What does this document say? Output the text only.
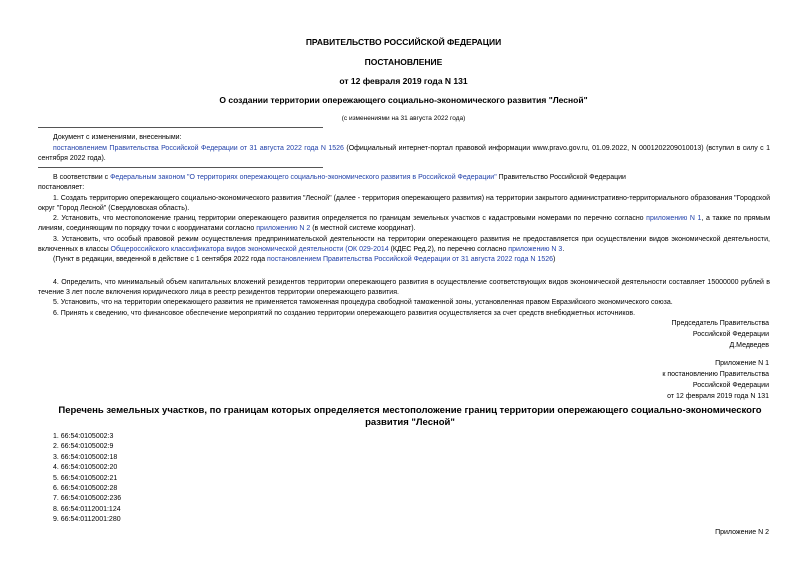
ПРАВИТЕЛЬСТВО РОССИЙСКОЙ ФЕДЕРАЦИИ
ПОСТАНОВЛЕНИЕ
от 12 февраля 2019 года N 131
О создании территории опережающего социально-экономического развития "Лесной"
(с изменениями на 31 августа 2022 года)
Документ с изменениями, внесенными:
постановлением Правительства Российской Федерации от 31 августа 2022 года N 1526 (Официальный интернет-портал правовой информации www.pravo.gov.ru, 01.09.2022, N 0001202209010013) (вступил в силу с 1 сентября 2022 года).
В соответствии с Федеральным законом "О территориях опережающего социально-экономического развития в Российской Федерации" Правительство Российской Федерации
постановляет:
1. Создать территорию опережающего социально-экономического развития "Лесной" (далее - территория опережающего развития) на территории закрытого административно-территориального образования "Городской округ "Город Лесной" (Свердловская область).
2. Установить, что местоположение границ территории опережающего развития определяется по границам земельных участков с кадастровыми номерами по перечню согласно приложению N 1, а также по прямым линиям, соединяющим по порядку точки с координатами согласно приложению N 2 (в местной системе координат).
3. Установить, что особый правовой режим осуществления предпринимательской деятельности на территории опережающего развития не предоставляется при осуществлении видов экономической деятельности, включенных в классы Общероссийского классификатора видов экономической деятельности (ОК 029-2014 (КДЕС Ред.2), по перечню согласно приложению N 3.
(Пункт в редакции, введенной в действие с 1 сентября 2022 года постановлением Правительства Российской Федерации от 31 августа 2022 года N 1526)
4. Определить, что минимальный объем капитальных вложений резидентов территории опережающего развития в осуществление соответствующих видов экономической деятельности составляет 15000000 рублей в течение 3 лет после включения юридического лица в реестр резидентов территории опережающего развития.
5. Установить, что на территории опережающего развития не применяется таможенная процедура свободной таможенной зоны, установленная правом Евразийского экономического союза.
6. Принять к сведению, что финансовое обеспечение мероприятий по созданию территории опережающего развития осуществляется за счет средств внебюджетных источников.
Председатель Правительства
Российской Федерации
Д.Медведев
Приложение N 1
к постановлению Правительства
Российской Федерации
от 12 февраля 2019 года N 131
Перечень земельных участков, по границам которых определяется местоположение границ территории опережающего социально-экономического развития "Лесной"
1. 66:54:0105002:3
2. 66:54:0105002:9
3. 66:54:0105002:18
4. 66:54:0105002:20
5. 66:54:0105002:21
6. 66:54:0105002:28
7. 66:54:0105002:236
8. 66:54:0112001:124
9. 66:54:0112001:280
Приложение N 2
